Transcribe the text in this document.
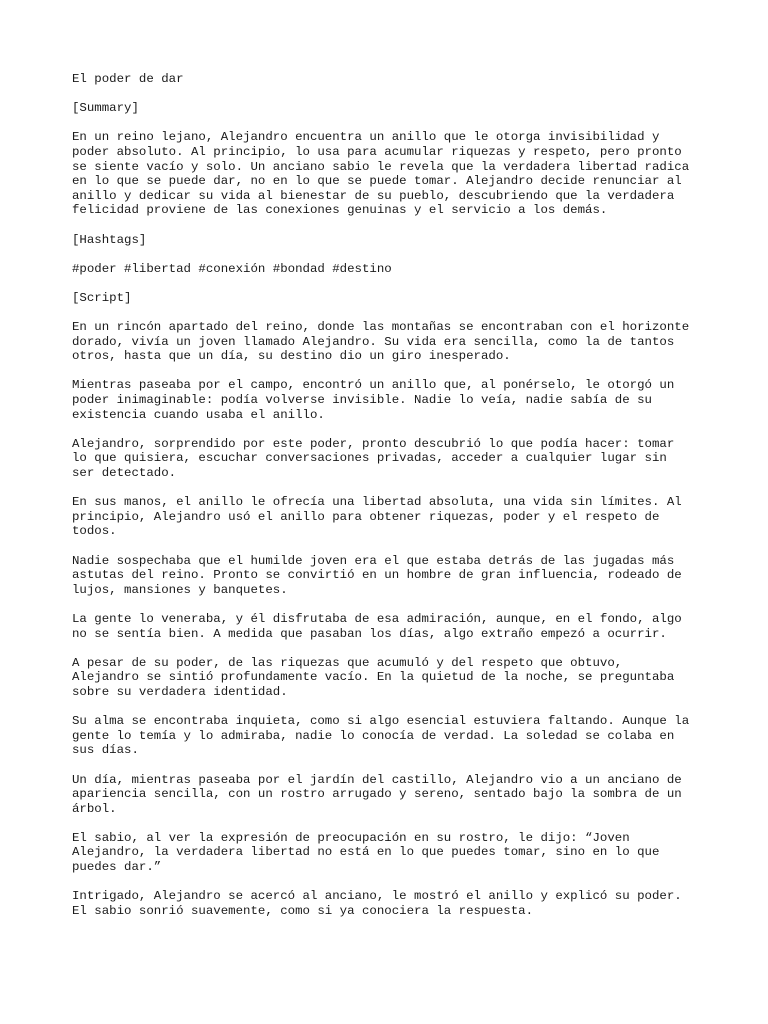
El poder de dar

[Summary]

En un reino lejano, Alejandro encuentra un anillo que le otorga invisibilidad y
poder absoluto. Al principio, lo usa para acumular riquezas y respeto, pero pronto
se siente vacío y solo. Un anciano sabio le revela que la verdadera libertad radica
en lo que se puede dar, no en lo que se puede tomar. Alejandro decide renunciar al
anillo y dedicar su vida al bienestar de su pueblo, descubriendo que la verdadera
felicidad proviene de las conexiones genuinas y el servicio a los demás.

[Hashtags]

#poder #libertad #conexión #bondad #destino

[Script]

En un rincón apartado del reino, donde las montañas se encontraban con el horizonte
dorado, vivía un joven llamado Alejandro. Su vida era sencilla, como la de tantos
otros, hasta que un día, su destino dio un giro inesperado.

Mientras paseaba por el campo, encontró un anillo que, al ponérselo, le otorgó un
poder inimaginable: podía volverse invisible. Nadie lo veía, nadie sabía de su
existencia cuando usaba el anillo.

Alejandro, sorprendido por este poder, pronto descubrió lo que podía hacer: tomar
lo que quisiera, escuchar conversaciones privadas, acceder a cualquier lugar sin
ser detectado.

En sus manos, el anillo le ofrecía una libertad absoluta, una vida sin límites. Al
principio, Alejandro usó el anillo para obtener riquezas, poder y el respeto de
todos.

Nadie sospechaba que el humilde joven era el que estaba detrás de las jugadas más
astutas del reino. Pronto se convirtió en un hombre de gran influencia, rodeado de
lujos, mansiones y banquetes.

La gente lo veneraba, y él disfrutaba de esa admiración, aunque, en el fondo, algo
no se sentía bien. A medida que pasaban los días, algo extraño empezó a ocurrir.

A pesar de su poder, de las riquezas que acumuló y del respeto que obtuvo,
Alejandro se sintió profundamente vacío. En la quietud de la noche, se preguntaba
sobre su verdadera identidad.

Su alma se encontraba inquieta, como si algo esencial estuviera faltando. Aunque la
gente lo temía y lo admiraba, nadie lo conocía de verdad. La soledad se colaba en
sus días.

Un día, mientras paseaba por el jardín del castillo, Alejandro vio a un anciano de
apariencia sencilla, con un rostro arrugado y sereno, sentado bajo la sombra de un
árbol.

El sabio, al ver la expresión de preocupación en su rostro, le dijo: “Joven
Alejandro, la verdadera libertad no está en lo que puedes tomar, sino en lo que
puedes dar.”

Intrigado, Alejandro se acercó al anciano, le mostró el anillo y explicó su poder.
El sabio sonrió suavemente, como si ya conociera la respuesta.
